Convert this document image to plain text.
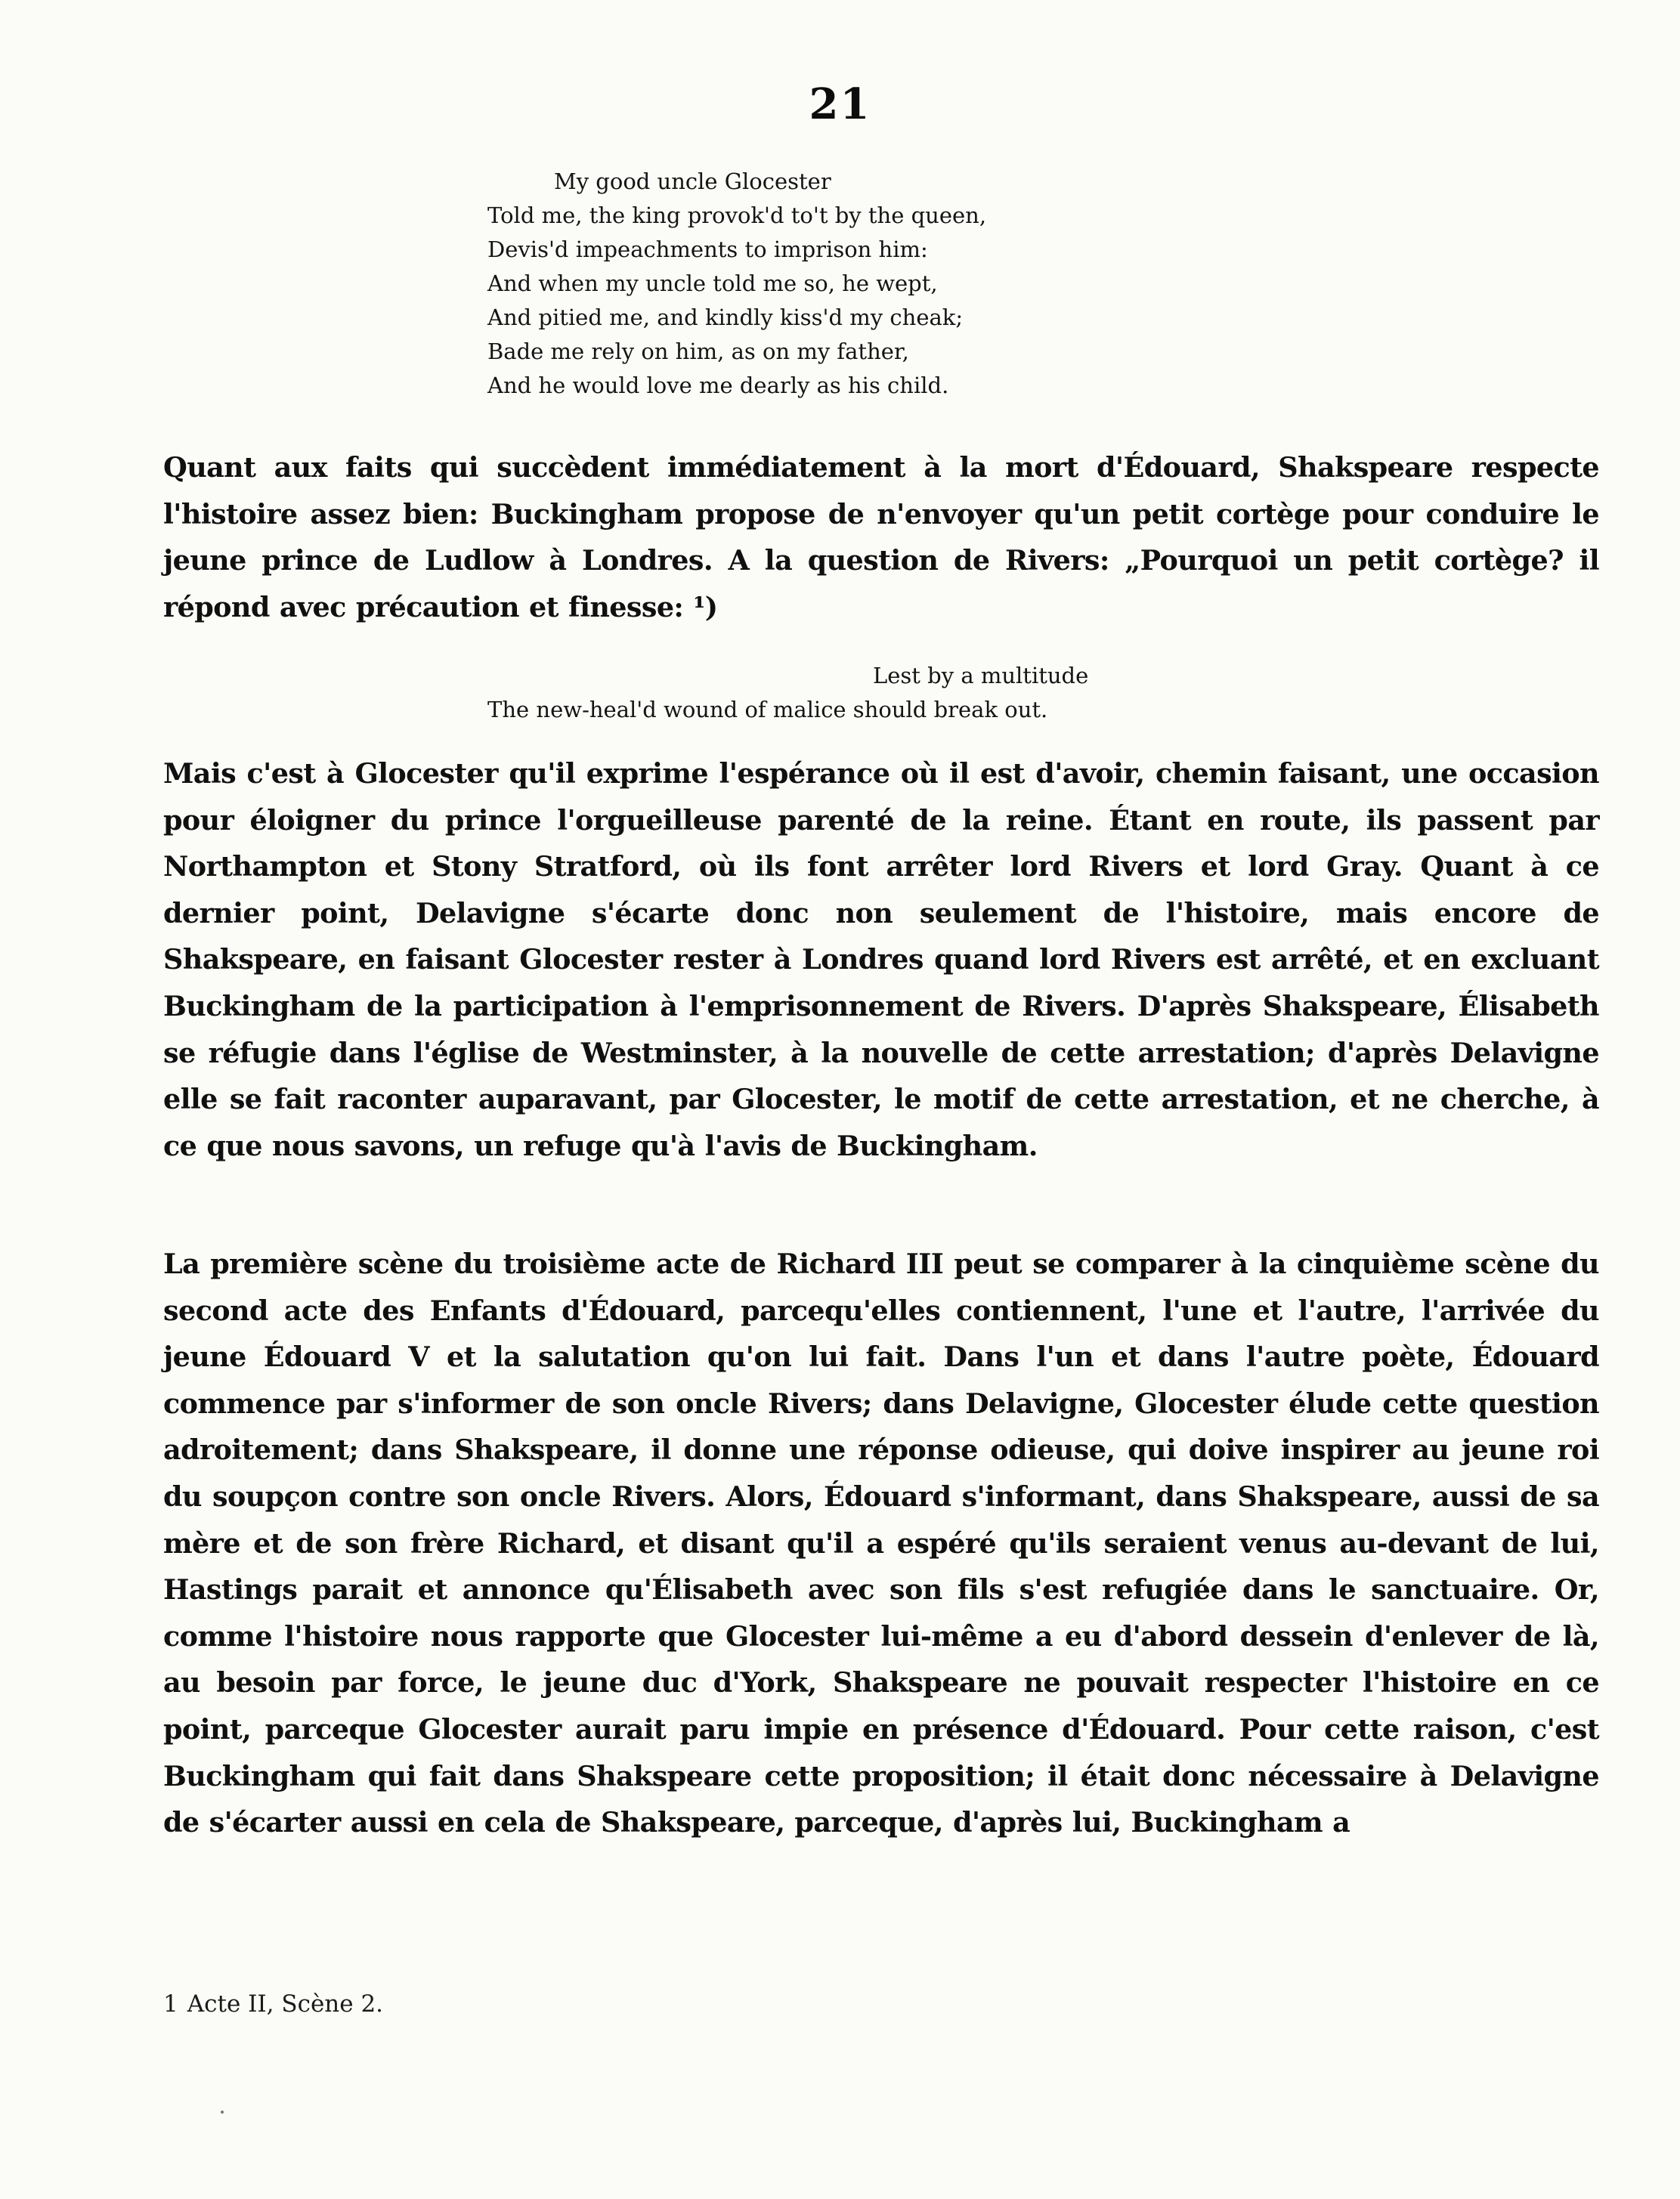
21
My good uncle Glocester
Told me, the king provok'd to't by the queen,
Devis'd impeachments to imprison him:
And when my uncle told me so, he wept,
And pitied me, and kindly kiss'd my cheak;
Bade me rely on him, as on my father,
And he would love me dearly as his child.

Quant aux faits qui succèdent immédiatement à la mort d'Édouard, Shakspeare respecte l'histoire assez bien: Buckingham propose de n'envoyer qu'un petit cortège pour conduire le jeune prince de Ludlow à Londres. A la question de Rivers: „Pourquoi un petit cortège? il répond avec précaution et finesse: ¹)

Lest by a multitude
The new-heal'd wound of malice should break out.

Mais c'est à Glocester qu'il exprime l'espérance où il est d'avoir, chemin faisant, une occasion pour éloigner du prince l'orgueilleuse parenté de la reine. Étant en route, ils passent par Northampton et Stony Stratford, où ils font arrêter lord Rivers et lord Gray. Quant à ce dernier point, Delavigne s'écarte donc non seulement de l'histoire, mais encore de Shakspeare, en faisant Glocester rester à Londres quand lord Rivers est arrêté, et en excluant Buckingham de la participation à l'emprisonnement de Rivers. D'après Shakspeare, Élisabeth se réfugie dans l'église de Westminster, à la nouvelle de cette arrestation; d'après Delavigne elle se fait raconter auparavant, par Glocester, le motif de cette arrestation, et ne cherche, à ce que nous savons, un refuge qu'à l'avis de Buckingham.

La première scène du troisième acte de Richard III peut se comparer à la cinquième scène du second acte des Enfants d'Édouard, parcequ'elles contiennent, l'une et l'autre, l'arrivée du jeune Édouard V et la salutation qu'on lui fait. Dans l'un et dans l'autre poète, Édouard commence par s'informer de son oncle Rivers; dans Delavigne, Glocester élude cette question adroitement; dans Shakspeare, il donne une réponse odieuse, qui doive inspirer au jeune roi du soupçon contre son oncle Rivers. Alors, Édouard s'informant, dans Shakspeare, aussi de sa mère et de son frère Richard, et disant qu'il a espéré qu'ils seraient venus au-devant de lui, Hastings parait et annonce qu'Élisabeth avec son fils s'est refugiée dans le sanctuaire. Or, comme l'histoire nous rapporte que Glocester lui-même a eu d'abord dessein d'enlever de là, au besoin par force, le jeune duc d'York, Shakspeare ne pouvait respecter l'histoire en ce point, parceque Glocester aurait paru impie en présence d'Édouard. Pour cette raison, c'est Buckingham qui fait dans Shakspeare cette proposition; il était donc nécessaire à Delavigne de s'écarter aussi en cela de Shakspeare, parceque, d'après lui, Buckingham a

1 Acte II, Scène 2.
